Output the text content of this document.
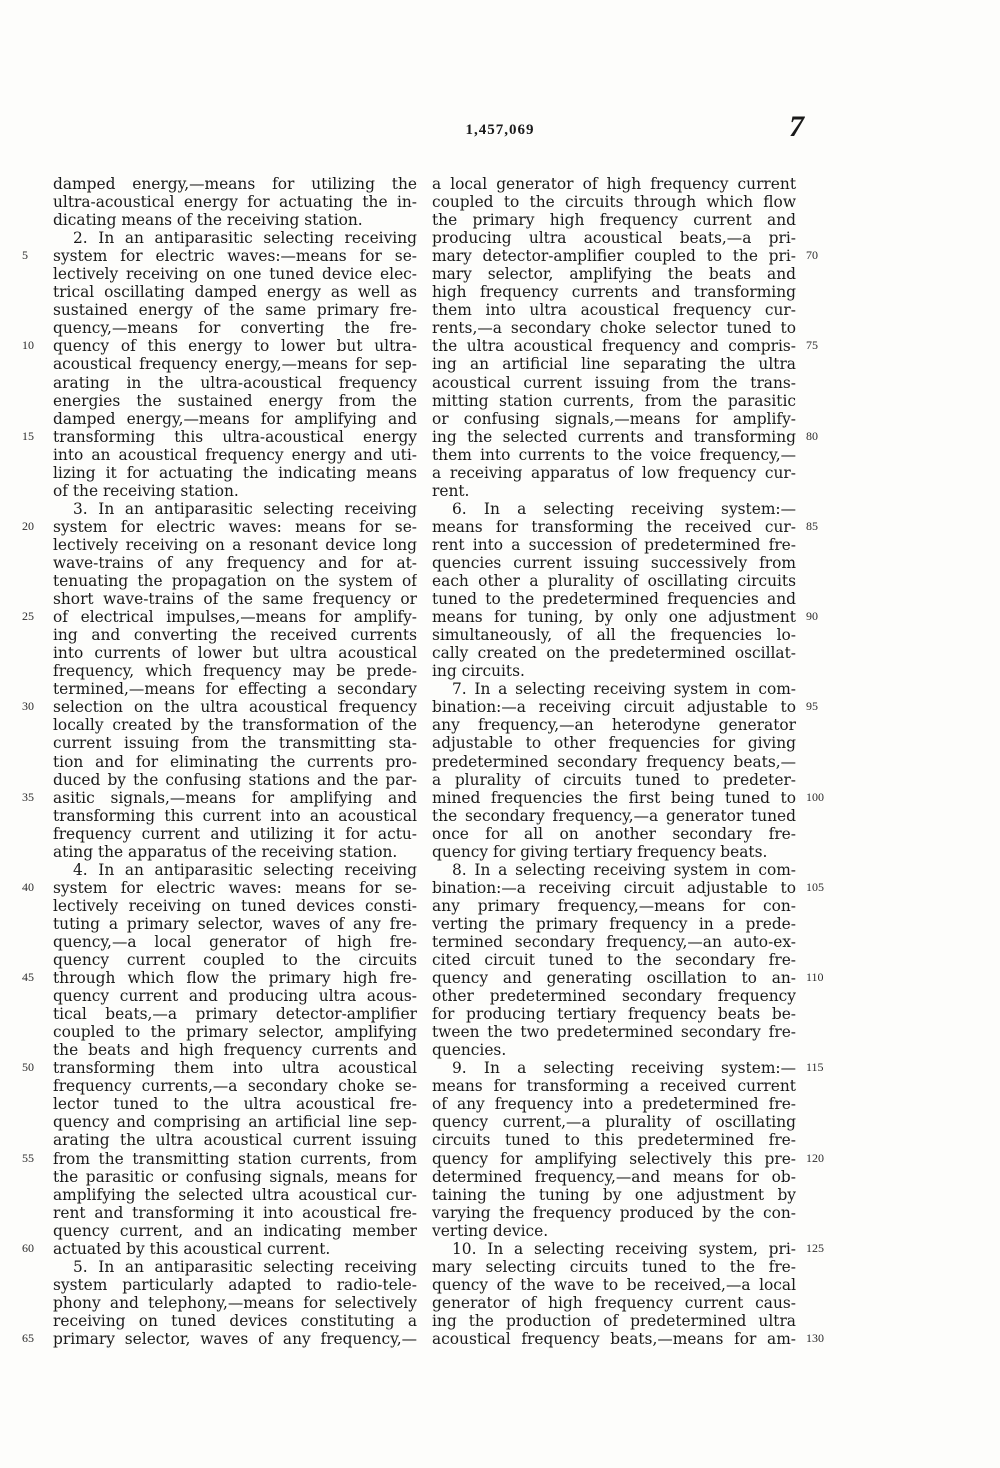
1,457,069	7
damped energy,—means for utilizing the
ultra-acoustical energy for actuating the in-
dicating means of the receiving station.
2. In an antiparasitic selecting receiving
system for electric waves:—means for se-
lectively receiving on one tuned device elec-
trical oscillating damped energy as well as
sustained energy of the same primary fre-
quency,—means for converting the fre-
quency of this energy to lower but ultra-
acoustical frequency energy,—means for sep-
arating in the ultra-acoustical frequency
energies the sustained energy from the
damped energy,—means for amplifying and
transforming this ultra-acoustical energy
into an acoustical frequency energy and uti-
lizing it for actuating the indicating means
of the receiving station.
3. In an antiparasitic selecting receiving
system for electric waves: means for se-
lectively receiving on a resonant device long
wave-trains of any frequency and for at-
tenuating the propagation on the system of
short wave-trains of the same frequency or
of electrical impulses,—means for amplify-
ing and converting the received currents
into currents of lower but ultra acoustical
frequency, which frequency may be prede-
termined,—means for effecting a secondary
selection on the ultra acoustical frequency
locally created by the transformation of the
current issuing from the transmitting sta-
tion and for eliminating the currents pro-
duced by the confusing stations and the par-
asitic signals,—means for amplifying and
transforming this current into an acoustical
frequency current and utilizing it for actu-
ating the apparatus of the receiving station.
4. In an antiparasitic selecting receiving
system for electric waves: means for se-
lectively receiving on tuned devices consti-
tuting a primary selector, waves of any fre-
quency,—a local generator of high fre-
quency current coupled to the circuits
through which flow the primary high fre-
quency current and producing ultra acous-
tical beats,—a primary detector-amplifier
coupled to the primary selector, amplifying
the beats and high frequency currents and
transforming them into ultra acoustical
frequency currents,—a secondary choke se-
lector tuned to the ultra acoustical fre-
quency and comprising an artificial line sep-
arating the ultra acoustical current issuing
from the transmitting station currents, from
the parasitic or confusing signals, means for
amplifying the selected ultra acoustical cur-
rent and transforming it into acoustical fre-
quency current, and an indicating member
actuated by this acoustical current.
5. In an antiparasitic selecting receiving
system particularly adapted to radio-tele-
phony and telephony,—means for selectively
receiving on tuned devices constituting a
primary selector, waves of any frequency,—
a local generator of high frequency current
coupled to the circuits through which flow
the primary high frequency current and
producing ultra acoustical beats,—a pri-
mary detector-amplifier coupled to the pri-
mary selector, amplifying the beats and
high frequency currents and transforming
them into ultra acoustical frequency cur-
rents,—a secondary choke selector tuned to
the ultra acoustical frequency and compris-
ing an artificial line separating the ultra
acoustical current issuing from the trans-
mitting station currents, from the parasitic
or confusing signals,—means for amplify-
ing the selected currents and transforming
them into currents to the voice frequency,—
a receiving apparatus of low frequency cur-
rent.
6. In a selecting receiving system:—
means for transforming the received cur-
rent into a succession of predetermined fre-
quencies current issuing successively from
each other a plurality of oscillating circuits
tuned to the predetermined frequencies and
means for tuning, by only one adjustment
simultaneously, of all the frequencies lo-
cally created on the predetermined oscillat-
ing circuits.
7. In a selecting receiving system in com-
bination:—a receiving circuit adjustable to
any frequency,—an heterodyne generator
adjustable to other frequencies for giving
predetermined secondary frequency beats,—
a plurality of circuits tuned to predeter-
mined frequencies the first being tuned to
the secondary frequency,—a generator tuned
once for all on another secondary fre-
quency for giving tertiary frequency beats.
8. In a selecting receiving system in com-
bination:—a receiving circuit adjustable to
any primary frequency,—means for con-
verting the primary frequency in a prede-
termined secondary frequency,—an auto-ex-
cited circuit tuned to the secondary fre-
quency and generating oscillation to an-
other predetermined secondary frequency
for producing tertiary frequency beats be-
tween the two predetermined secondary fre-
quencies.
9. In a selecting receiving system:—
means for transforming a received current
of any frequency into a predetermined fre-
quency current,—a plurality of oscillating
circuits tuned to this predetermined fre-
quency for amplifying selectively this pre-
determined frequency,—and means for ob-
taining the tuning by one adjustment by
varying the frequency produced by the con-
verting device.
10. In a selecting receiving system, pri-
mary selecting circuits tuned to the fre-
quency of the wave to be received,—a local
generator of high frequency current caus-
ing the production of predetermined ultra
acoustical frequency beats,—means for am-
5
10
15
20
25
30
35
40
45
50
55
60
65
70
75
80
85
90
95
100
105
110
115
120
125
130
